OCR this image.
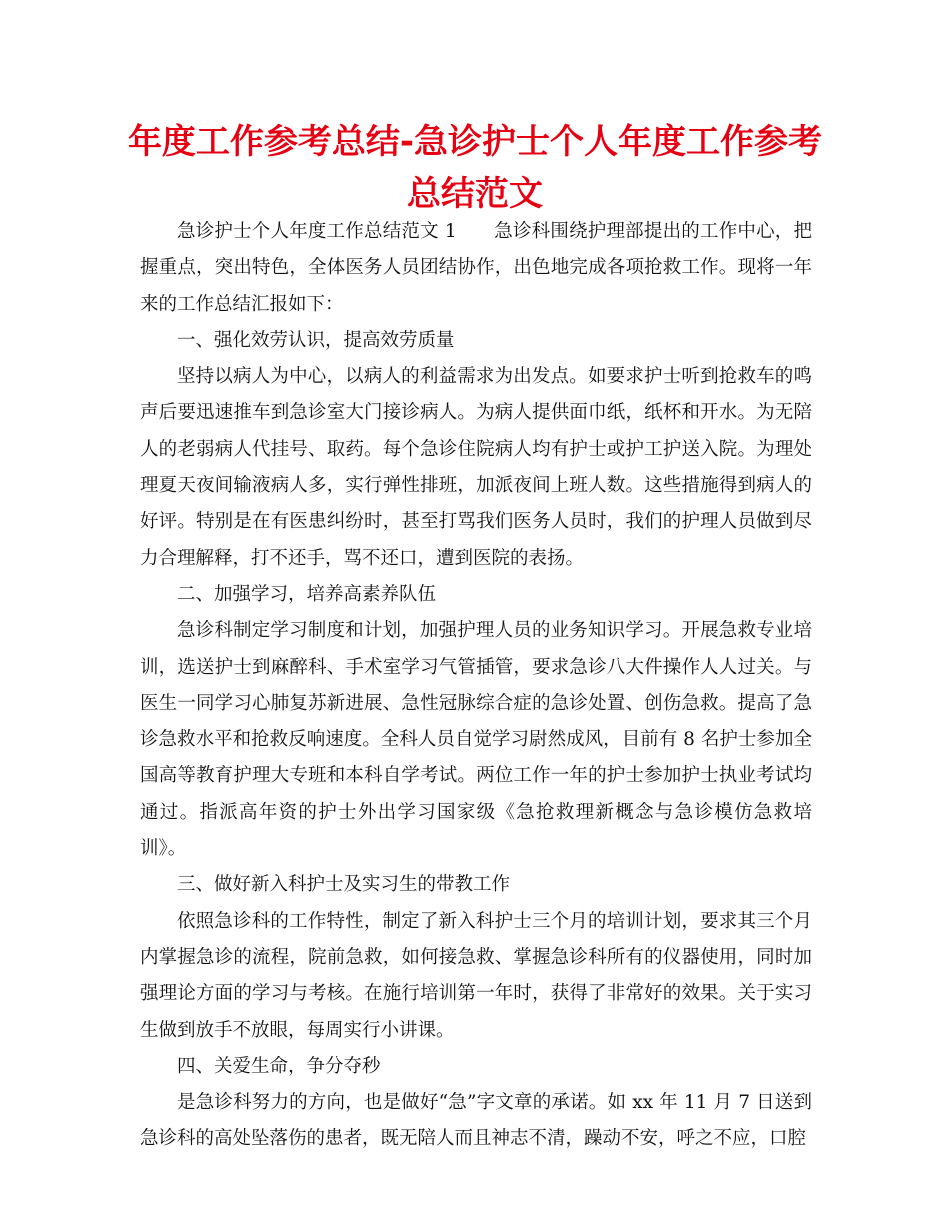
年度工作参考总结-急诊护士个人年度工作参考总结范文

急诊护士个人年度工作总结范文 1　　急诊科围绕护理部提出的工作中心，把握重点，突出特色，全体医务人员团结协作，出色地完成各项抢救工作。现将一年来的工作总结汇报如下：

一、强化效劳认识，提高效劳质量

坚持以病人为中心，以病人的利益需求为出发点。如要求护士听到抢救车的鸣声后要迅速推车到急诊室大门接诊病人。为病人提供面巾纸，纸杯和开水。为无陪人的老弱病人代挂号、取药。每个急诊住院病人均有护士或护工护送入院。为理处理夏天夜间输液病人多，实行弹性排班，加派夜间上班人数。这些措施得到病人的好评。特别是在有医患纠纷时，甚至打骂我们医务人员时，我们的护理人员做到尽力合理解释，打不还手，骂不还口，遭到医院的表扬。

二、加强学习，培养高素养队伍

急诊科制定学习制度和计划，加强护理人员的业务知识学习。开展急救专业培训，选送护士到麻醉科、手术室学习气管插管，要求急诊八大件操作人人过关。与医生一同学习心肺复苏新进展、急性冠脉综合症的急诊处置、创伤急救。提高了急诊急救水平和抢救反响速度。全科人员自觉学习尉然成风，目前有 8 名护士参加全国高等教育护理大专班和本科自学考试。两位工作一年的护士参加护士执业考试均通过。指派高年资的护士外出学习国家级《急抢救理新概念与急诊模仿急救培训》。

三、做好新入科护士及实习生的带教工作

依照急诊科的工作特性，制定了新入科护士三个月的培训计划，要求其三个月内掌握急诊的流程，院前急救，如何接急救、掌握急诊科所有的仪器使用，同时加强理论方面的学习与考核。在施行培训第一年时，获得了非常好的效果。关于实习生做到放手不放眼，每周实行小讲课。

四、关爱生命，争分夺秒

是急诊科努力的方向，也是做好“急”字文章的承诺。如 xx 年 11 月 7 日送到急诊科的高处坠落伤的患者，既无陪人而且神志不清，躁动不安，呼之不应，口腔
